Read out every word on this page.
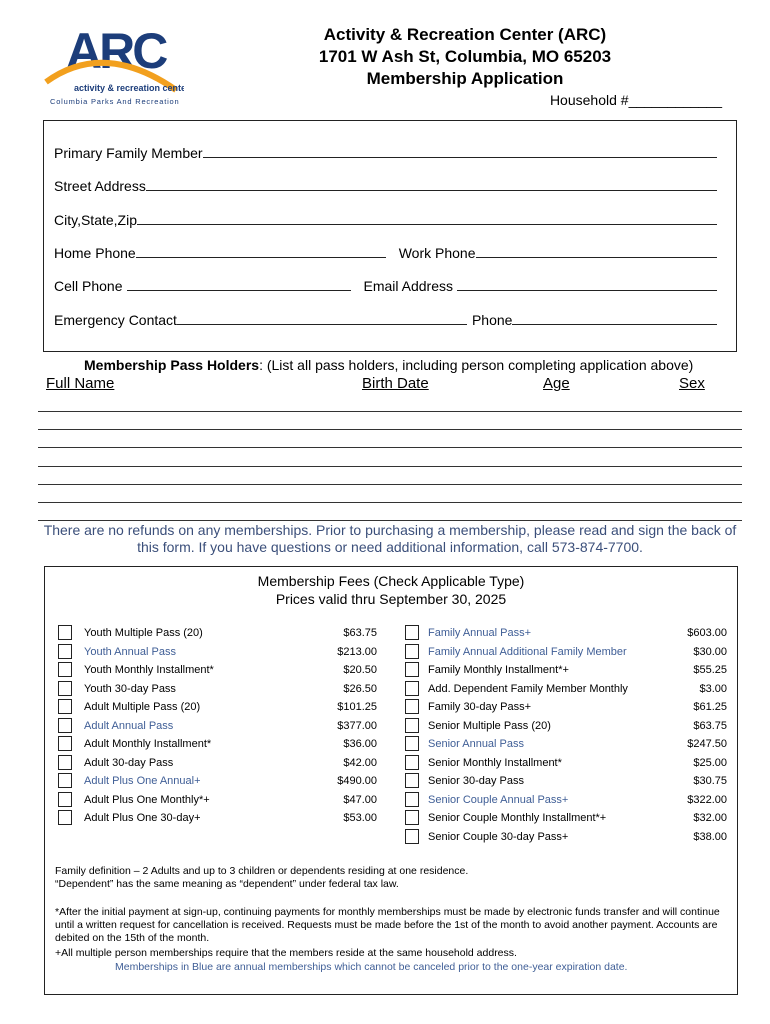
ARC
activity & recreation center
Columbia Parks And Recreation
Activity & Recreation Center (ARC)
1701 W Ash St, Columbia, MO 65203
Membership Application
Household #____________
Primary Family Member
Street Address
City,State,Zip
Home Phone	Work Phone
Cell Phone	Email Address
Emergency Contact	Phone
Membership Pass Holders: (List all pass holders, including person completing application above)
Full Name	Birth Date	Age	Sex
There are no refunds on any memberships. Prior to purchasing a membership, please read and sign the back of this form. If you have questions or need additional information, call 573-874-7700.
Membership Fees (Check Applicable Type)
Prices valid thru September 30, 2025
Youth Multiple Pass (20)	$63.75
Youth Annual Pass	$213.00
Youth Monthly Installment*	$20.50
Youth 30-day Pass	$26.50
Adult Multiple Pass (20)	$101.25
Adult Annual Pass	$377.00
Adult Monthly Installment*	$36.00
Adult 30-day Pass	$42.00
Adult Plus One Annual+	$490.00
Adult Plus One Monthly*+	$47.00
Adult Plus One 30-day+	$53.00
Family Annual Pass+	$603.00
Family Annual Additional Family Member	$30.00
Family Monthly Installment*+	$55.25
Add. Dependent Family Member Monthly	$3.00
Family 30-day Pass+	$61.25
Senior Multiple Pass (20)	$63.75
Senior Annual Pass	$247.50
Senior Monthly Installment*	$25.00
Senior 30-day Pass	$30.75
Senior Couple Annual Pass+	$322.00
Senior Couple Monthly Installment*+	$32.00
Senior Couple 30-day Pass+	$38.00
Family definition – 2 Adults and up to 3 children or dependents residing at one residence.
“Dependent” has the same meaning as “dependent” under federal tax law.
*After the initial payment at sign-up, continuing payments for monthly memberships must be made by electronic funds transfer and will continue until a written request for cancellation is received. Requests must be made before the 1st of the month to avoid another payment. Accounts are debited on the 15th of the month.
+All multiple person memberships require that the members reside at the same household address.
Memberships in Blue are annual memberships which cannot be canceled prior to the one-year expiration date.
